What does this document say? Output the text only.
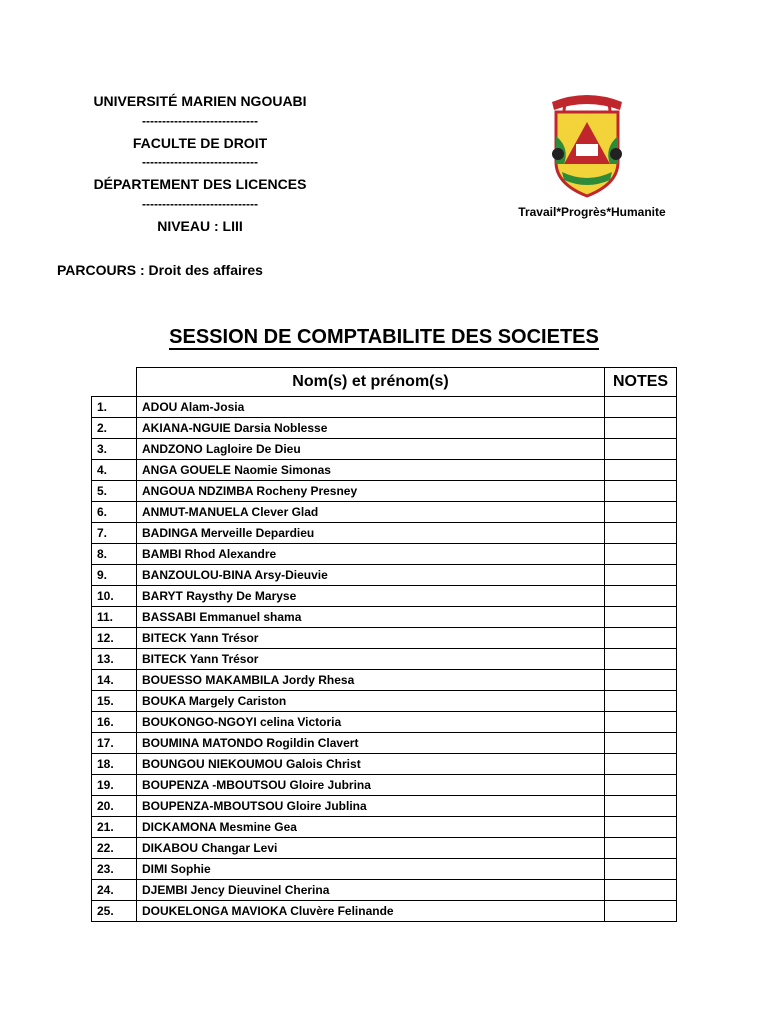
UNIVERSITÉ MARIEN NGOUABI
-----------------------------
FACULTE DE DROIT
-----------------------------
DÉPARTEMENT DES LICENCES
-----------------------------
NIVEAU : LIII
Travail*Progrès*Humanite
PARCOURS : Droit des affaires
SESSION DE COMPTABILITE DES SOCIETES
	Nom(s) et prénom(s)	NOTES
1.	ADOU Alam-Josia	
2.	AKIANA-NGUIE Darsia Noblesse	
3.	ANDZONO Lagloire De Dieu	
4.	ANGA GOUELE Naomie Simonas	
5.	ANGOUA NDZIMBA Rocheny Presney	
6.	ANMUT-MANUELA Clever Glad	
7.	BADINGA Merveille Depardieu	
8.	BAMBI Rhod Alexandre	
9.	BANZOULOU-BINA Arsy-Dieuvie	
10.	BARYT Raysthy De Maryse	
11.	BASSABI Emmanuel shama	
12.	BITECK Yann Trésor	
13.	BITECK Yann Trésor	
14.	BOUESSO MAKAMBILA Jordy Rhesa	
15.	BOUKA Margely Cariston	
16.	BOUKONGO-NGOYI celina Victoria	
17.	BOUMINA MATONDO Rogildin Clavert	
18.	BOUNGOU NIEKOUMOU Galois Christ	
19.	BOUPENZA -MBOUTSOU Gloire Jubrina	
20.	BOUPENZA-MBOUTSOU Gloire Jublina	
21.	DICKAMONA Mesmine Gea	
22.	DIKABOU Changar Levi	
23.	DIMI Sophie	
24.	DJEMBI Jency Dieuvinel Cherina	
25.	DOUKELONGA MAVIOKA Cluvère Felinande	
